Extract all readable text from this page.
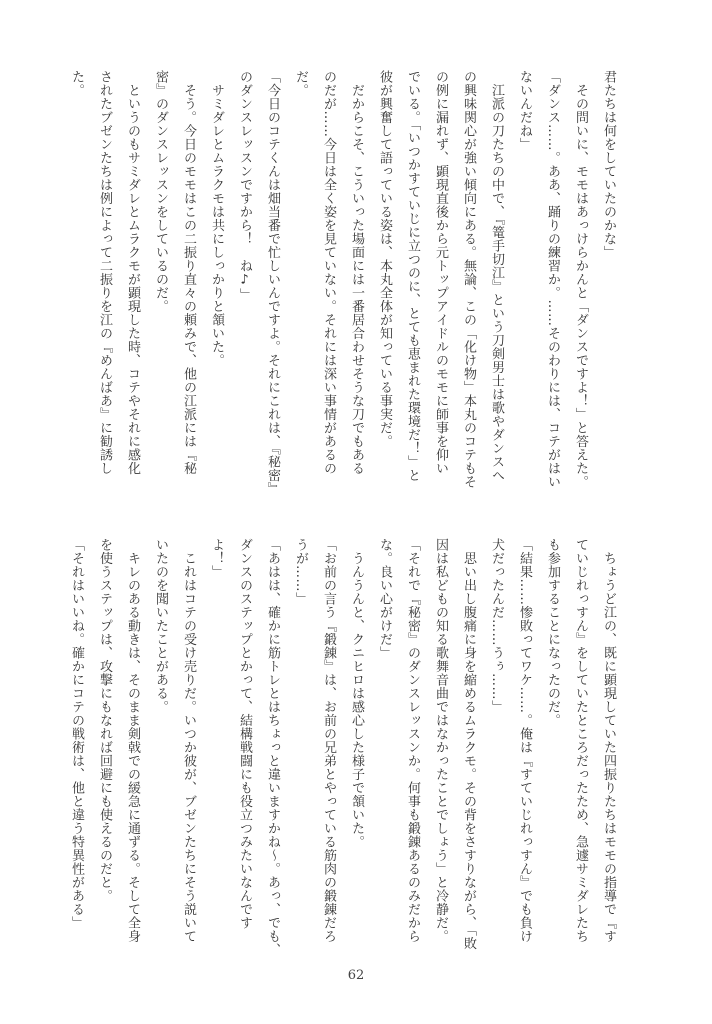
君たちは何をしていたのかな」
　その問いに、モモはあっけらかんと「ダンスですよ！」と答えた。
「ダンス……。ああ、踊りの練習か。……そのわりには、コテがはい
ないんだね」
　江派の刀たちの中で、『篭手切江』という刀剣男士は歌やダンスへ
の興味関心が強い傾向にある。無論、この「化け物」本丸のコテもそ
の例に漏れず、顕現直後から元トップアイドルのモモに師事を仰い
でいる。「いつかすていじに立つのに、とても恵まれた環境だ！」と
彼が興奮して語っている姿は、本丸全体が知っている事実だ。
　だからこそ、こういった場面には一番居合わせそうな刀でもある
のだが……今日は全く姿を見ていない。それには深い事情があるの
だ。
「今日のコテくんは畑当番で忙しいんですよ。それにこれは、『秘密』
のダンスレッスンですから！　ね♪」
　サミダレとムラクモは共にしっかりと頷いた。
　そう。今日のモモはこの二振り直々の頼みで、他の江派には『秘
密』のダンスレッスンをしているのだ。
　というのもサミダレとムラクモが顕現した時、コテやそれに感化
されたブゼンたちは例によって二振りを江の『めんばあ』に勧誘し
た。
　ちょうど江の、既に顕現していた四振りたちはモモの指導で『す
ていじれっすん』をしていたところだったため、急遽サミダレたち
も参加することになったのだ。
「結果……惨敗ってワケ……。俺は『すていじれっすん』でも負け
犬だったんだ……うぅ……」
　思い出し腹痛に身を縮めるムラクモ。その背をさすりながら、「敗
因は私どもの知る歌舞音曲ではなかったことでしょう」と冷静だ。
「それで『秘密』のダンスレッスンか。何事も鍛錬あるのみだから
な。良い心がけだ」
　うんうんと、クニヒロは感心した様子で頷いた。
「お前の言う『鍛錬』は、お前の兄弟とやっている筋肉の鍛錬だろ
うが……」
「あはは、確かに筋トレとはちょっと違いますかね～。あっ、でも、
ダンスのステップとかって、結構戦闘にも役立つみたいなんです
よ！」
　これはコテの受け売りだ。いつか彼が、ブゼンたちにそう説いて
いたのを聞いたことがある。
　キレのある動きは、そのまま剣戟での緩急に通ずる。そして全身
を使うステップは、攻撃にもなれば回避にも使えるのだと。
「それはいいね。確かにコテの戦術は、他と違う特異性がある」
62
